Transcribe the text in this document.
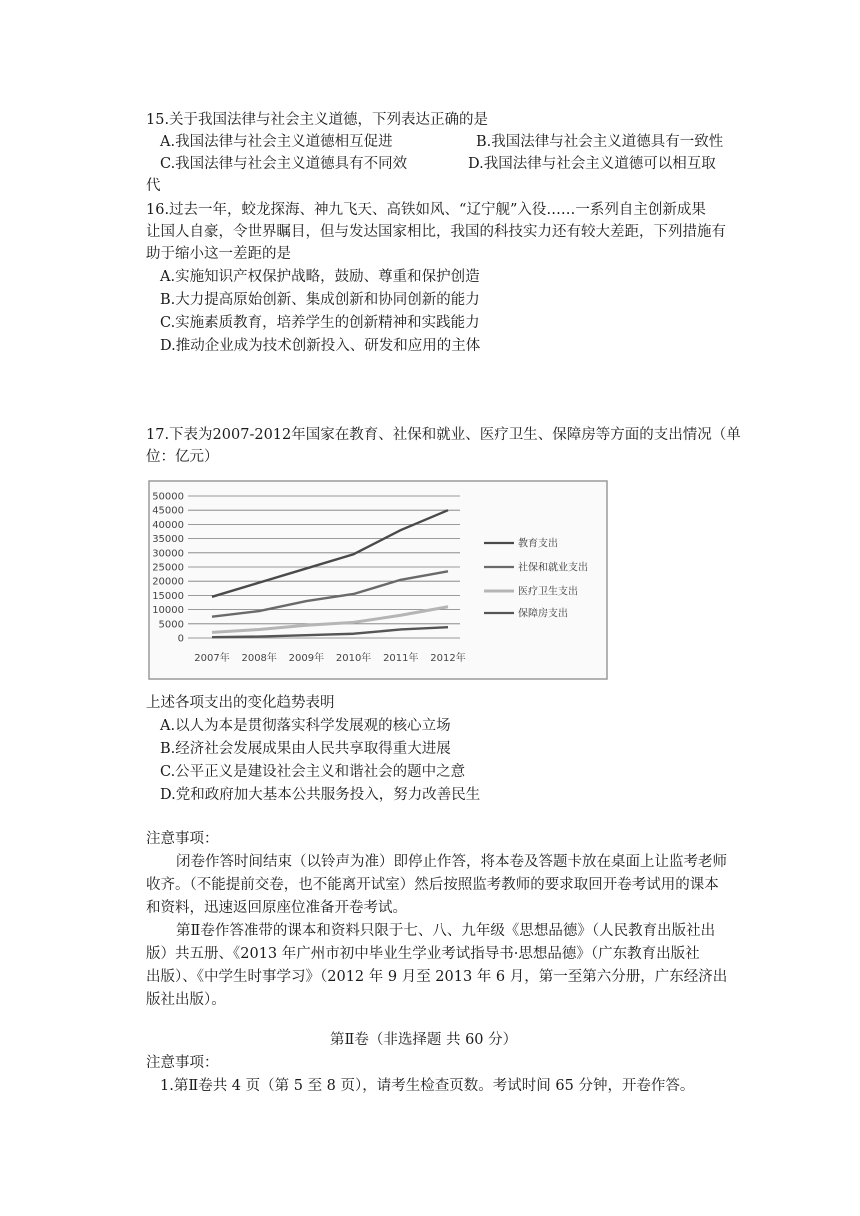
15.关于我国法律与社会主义道德，下列表达正确的是
A.我国法律与社会主义道德相互促进	B.我国法律与社会主义道德具有一致性
C.我国法律与社会主义道德具有不同效	D.我国法律与社会主义道德可以相互取
代
16.过去一年，蛟龙探海、神九飞天、高铁如风、“辽宁舰”入役……一系列自主创新成果
让国人自豪，令世界瞩目，但与发达国家相比，我国的科技实力还有较大差距，下列措施有
助于缩小这一差距的是
A.实施知识产权保护战略，鼓励、尊重和保护创造
B.大力提高原始创新、集成创新和协同创新的能力
C.实施素质教育，培养学生的创新精神和实践能力
D.推动企业成为技术创新投入、研发和应用的主体
17.下表为2007-2012年国家在教育、社保和就业、医疗卫生、保障房等方面的支出情况（单
位：亿元）
50000
45000
40000
35000
30000
25000
20000
15000
10000
5000
0
2007年 2008年 2009年 2010年 2011年 2012年
教育支出
社保和就业支出
医疗卫生支出
保障房支出
上述各项支出的变化趋势表明
A.以人为本是贯彻落实科学发展观的核心立场
B.经济社会发展成果由人民共享取得重大进展
C.公平正义是建设社会主义和谐社会的题中之意
D.党和政府加大基本公共服务投入，努力改善民生
注意事项：
闭卷作答时间结束（以铃声为准）即停止作答，将本卷及答题卡放在桌面上让监考老师
收齐。（不能提前交卷，也不能离开试室）然后按照监考教师的要求取回开卷考试用的课本
和资料，迅速返回原座位准备开卷考试。
第Ⅱ卷作答准带的课本和资料只限于七、八、九年级《思想品德》（人民教育出版社出
版）共五册、《2013 年广州市初中毕业生学业考试指导书·思想品德》（广东教育出版社
出版）、《中学生时事学习》（2012 年 9 月至 2013 年 6 月，第一至第六分册，广东经济出
版社出版）。
第Ⅱ卷（非选择题 共 60 分）
注意事项：
1.第Ⅱ卷共 4 页（第 5 至 8 页），请考生检查页数。考试时间 65 分钟，开卷作答。
